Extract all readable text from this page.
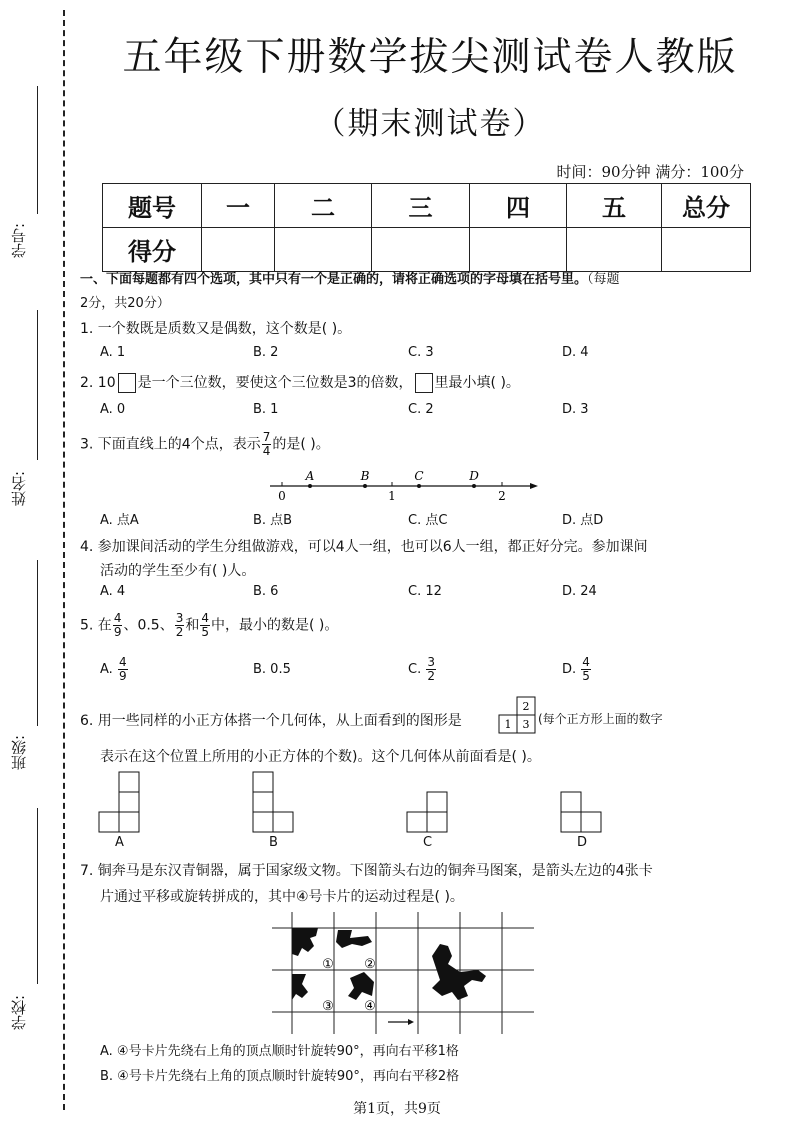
学号:
姓名:
班级:
学校:
五年级下册数学拔尖测试卷人教版
（期末测试卷）
时间：90分钟 满分：100分
题号	一	二	三	四	五	总分
得分						
一、下面每题都有四个选项，其中只有一个是正确的，请将正确选项的字母填在括号里。（每题
2分，共20分）
1. 一个数既是质数又是偶数，这个数是( )。
A. 1	B. 2	C. 3	D. 4
2. 10 是一个三位数，要使这个三位数是3的倍数， 里最小填( )。
A. 0	B. 1	C. 2	D. 3
3. 下面直线上的4个点，表示 $\frac{7}{4}$ 的是( )。
A	B	C	D
0	1	2
A. 点A	B. 点B	C. 点C	D. 点D
4. 参加课间活动的学生分组做游戏，可以4人一组，也可以6人一组，都正好分完。参加课间
活动的学生至少有( )人。
A. 4	B. 6	C. 12	D. 24
5. 在 $\frac{4}{9}$ 、0.5、 $\frac{3}{2}$ 和 $\frac{4}{5}$ 中，最小的数是( )。
A. $\frac{4}{9}$	B. 0.5	C. $\frac{3}{2}$	D. $\frac{4}{5}$
6. 用一些同样的小正方体搭一个几何体，从上面看到的图形是
2
1 3 (每个正方形上面的数字
表示在这个位置上所用的小正方体的个数)。这个几何体从前面看是( )。
A	B	C	D
7. 铜奔马是东汉青铜器，属于国家级文物。下图箭头右边的铜奔马图案，是箭头左边的4张卡
片通过平移或旋转拼成的，其中④号卡片的运动过程是( )。
① ②
③ ④
A. ④号卡片先绕右上角的顶点顺时针旋转90°，再向右平移1格
B. ④号卡片先绕右上角的顶点顺时针旋转90°，再向右平移2格
第1页，共9页
